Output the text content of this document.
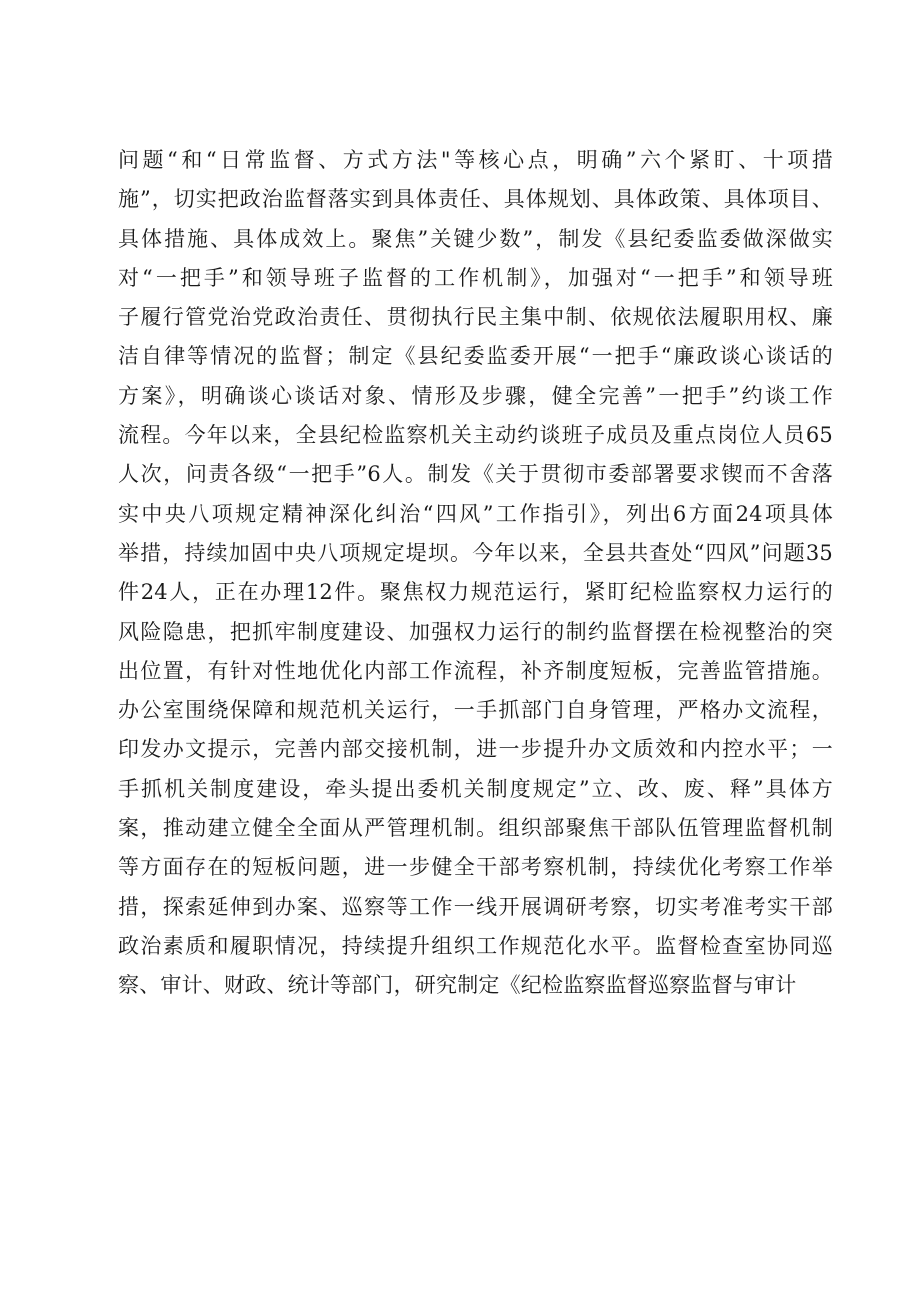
问题“和“日常监督、方式方法"等核心点，明确”六个紧盯、十项措
施”，切实把政治监督落实到具体责任、具体规划、具体政策、具体项目、
具体措施、具体成效上。聚焦”关键少数”，制发《县纪委监委做深做实
对“一把手”和领导班子监督的工作机制》，加强对“一把手”和领导班
子履行管党治党政治责任、贯彻执行民主集中制、依规依法履职用权、廉
洁自律等情况的监督；制定《县纪委监委开展“一把手“廉政谈心谈话的
方案》，明确谈心谈话对象、情形及步骤，健全完善”一把手”约谈工作
流程。今年以来，全县纪检监察机关主动约谈班子成员及重点岗位人员65
人次，问责各级“一把手”6人。制发《关于贯彻市委部署要求锲而不舍落
实中央八项规定精神深化纠治“四风”工作指引》，列出6方面24项具体
举措，持续加固中央八项规定堤坝。今年以来，全县共查处“四风”问题35
件24人，正在办理12件。聚焦权力规范运行，紧盯纪检监察权力运行的
风险隐患，把抓牢制度建设、加强权力运行的制约监督摆在检视整治的突
出位置，有针对性地优化内部工作流程，补齐制度短板，完善监管措施。
办公室围绕保障和规范机关运行，一手抓部门自身管理，严格办文流程，
印发办文提示，完善内部交接机制，进一步提升办文质效和内控水平；一
手抓机关制度建设，牵头提出委机关制度规定”立、改、废、释”具体方
案，推动建立健全全面从严管理机制。组织部聚焦干部队伍管理监督机制
等方面存在的短板问题，进一步健全干部考察机制，持续优化考察工作举
措，探索延伸到办案、巡察等工作一线开展调研考察，切实考准考实干部
政治素质和履职情况，持续提升组织工作规范化水平。监督检查室协同巡
察、审计、财政、统计等部门，研究制定《纪检监察监督巡察监督与审计
